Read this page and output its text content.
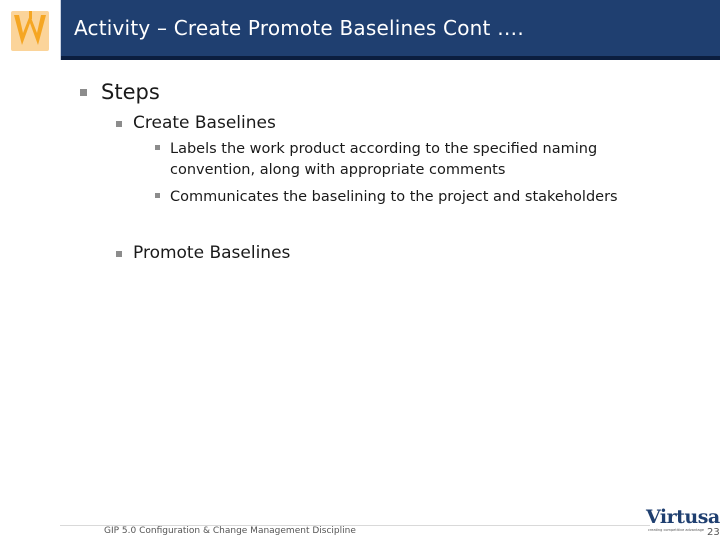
Activity – Create Promote Baselines Cont ….
Steps
Create Baselines
Labels the work product according to the specified naming
convention, along with appropriate comments
Communicates the baselining to the project and stakeholders
Promote Baselines
GIP 5.0 Configuration & Change Management Discipline
Virtusa
creating competitive advantage 23
